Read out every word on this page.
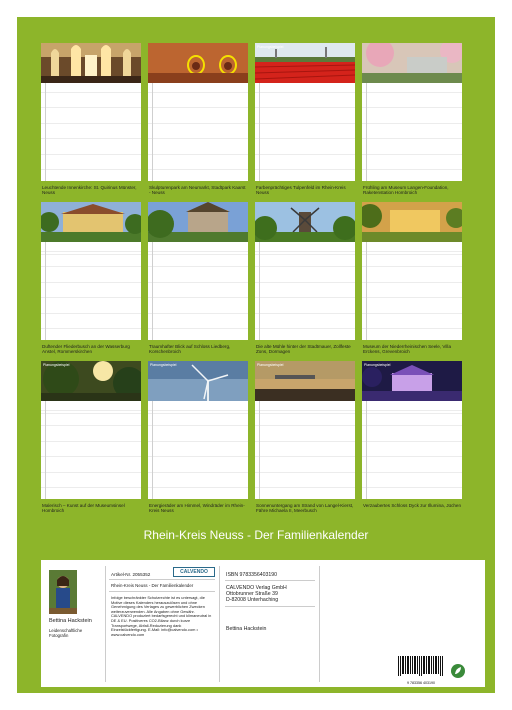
Leuchtende Innenkirche: St. Quirinus Münster, Neuss
Skulpturenpark am Neumarkt, Stadtpark Kaarst - Neuss
Planungsbeispiel
Farbenprächtiges Tulpenfeld im Rhein-Kreis Neuss
Frühling am Museum Langen-Foundation, Raketenstation Hombroich
Duftender Fliederbusch an der Wasserburg Anstel, Rommerskirchen
Traumhafter Blick auf Schloss Liedberg, Korschenbroich
Die alte Mühle hinter der Stadtmauer, Zollfeste Zons, Dormagen
Museum der Niederrheinischen Seele, Villa Erckens, Grevenbroich
Planungsbeispiel
Malerisch – Kunst auf der Museumsinsel Hombroich
Planungsbeispiel
Energieräder am Himmel, Windräder im Rhein-Kreis Neuss
Planungsbeispiel
Sonnenuntergang am Strand von Langel-Kierst, Fähre Michaela II, Meerbusch
Planungsbeispiel
Verzaubertes Schloss Dyck zur Illumina, Jüchen
Rhein-Kreis Neuss - Der Familienkalender
Bettina Hackstein
Leidenschaftliche Fotografin
Artikel-Nr. 2055352	CALVENDO
Rhein-Kreis Neuss - Der Familienkalender
Infolge beschränkter Schutzrechte ist es untersagt, die Motive dieses Kalenders herauszulösen und ohne Genehmigung des Verlages zu gewerblichen Zwecken weiterzuverwenden. Alle Angaben ohne Gewähr. CALVENDO produziert bedarfsgerecht und klimaneutral in DE & EU. Positiveres CO2-Bilanz durch kurze Transportwege, Abfall-Reduzierung dank Einzelstückfertigung. E-Mail: info@calvendo.com • www.calvendo.com
ISBN 9783356403190
CALVENDO Verlag GmbH
Ottobrunner Straße 39
D-82008 Unterhaching
Bettina Hackstein
9 783356 403190
